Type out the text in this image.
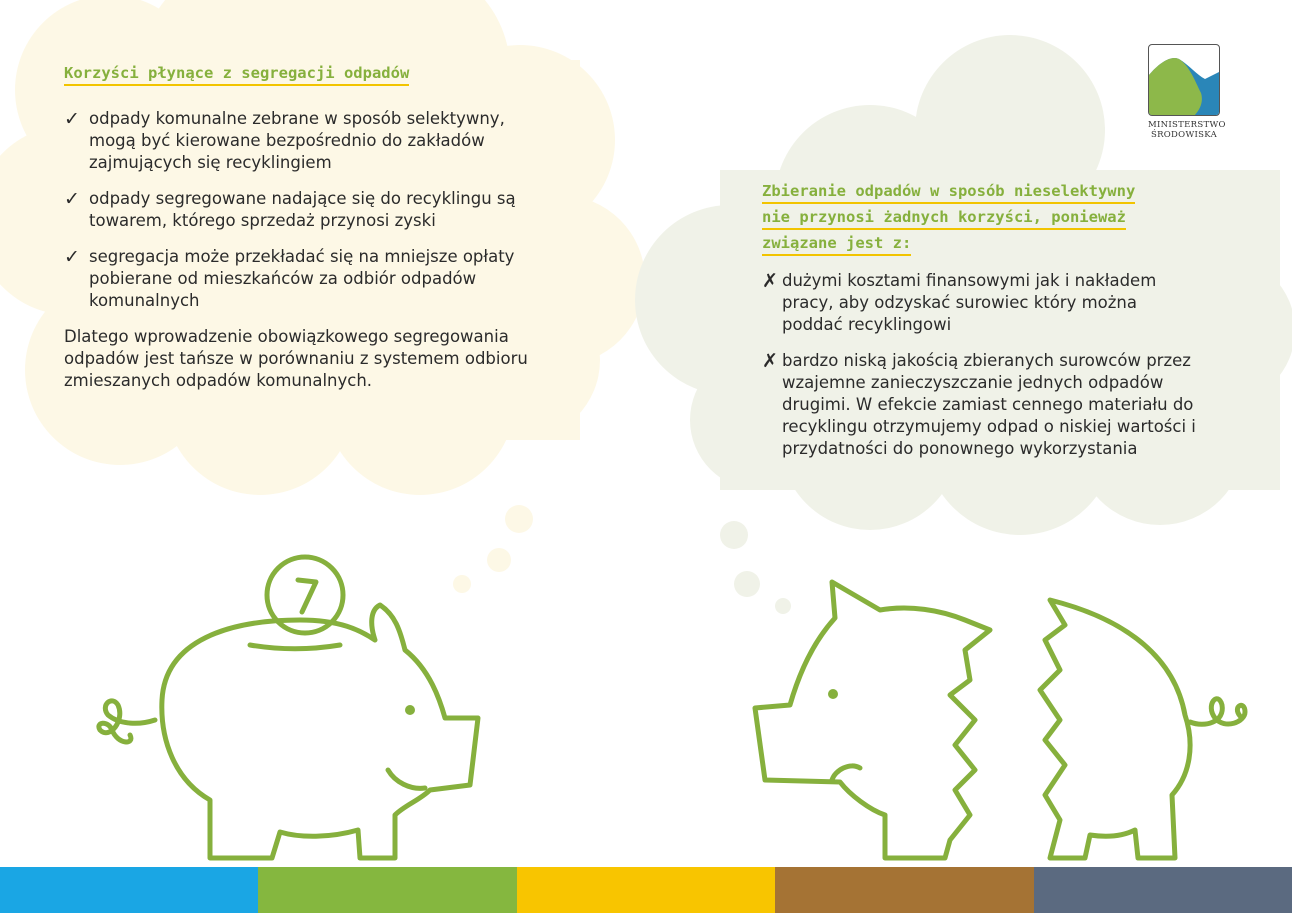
Korzyści płynące z segregacji odpadów
✓ odpady komunalne zebrane w sposób selektywny, mogą być kierowane bezpośrednio do zakładów zajmujących się recyklingiem
✓ odpady segregowane nadające się do recyklingu są towarem, którego sprzedaż przynosi zyski
✓ segregacja może przekładać się na mniejsze opłaty pobierane od mieszkańców za odbiór odpadów komunalnych

Dlatego wprowadzenie obowiązkowego segregowania odpadów jest tańsze w porównaniu z systemem odbioru zmieszanych odpadów komunalnych.

Zbieranie odpadów w sposób nieselektywny
nie przynosi żadnych korzyści, ponieważ
związane jest z:
✗ dużymi kosztami finansowymi jak i nakładem pracy, aby odzyskać surowiec który można poddać recyklingowi
✗ bardzo niską jakością zbieranych surowców przez wzajemne zanieczyszczanie jednych odpadów drugimi. W efekcie zamiast cennego materiału do recyklingu otrzymujemy odpad o niskiej wartości i przydatności do ponownego wykorzystania
MINISTERSTWO
ŚRODOWISKA
